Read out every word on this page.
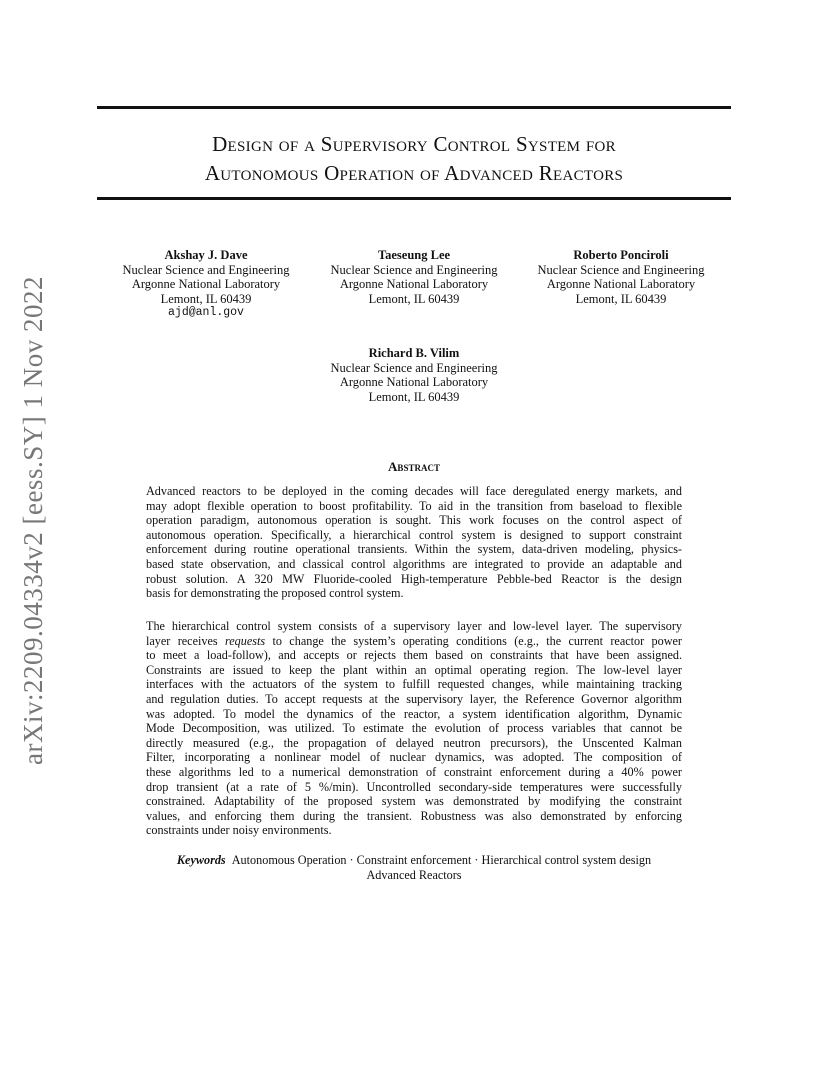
arXiv:2209.04334v2 [eess.SY] 1 Nov 2022
Design of a Supervisory Control System for
Autonomous Operation of Advanced Reactors
Akshay J. Dave
Nuclear Science and Engineering
Argonne National Laboratory
Lemont, IL 60439
ajd@anl.gov
Taeseung Lee
Nuclear Science and Engineering
Argonne National Laboratory
Lemont, IL 60439
Roberto Ponciroli
Nuclear Science and Engineering
Argonne National Laboratory
Lemont, IL 60439
Richard B. Vilim
Nuclear Science and Engineering
Argonne National Laboratory
Lemont, IL 60439
Abstract
Advanced reactors to be deployed in the coming decades will face deregulated energy markets, and
may adopt flexible operation to boost profitability. To aid in the transition from baseload to flexible
operation paradigm, autonomous operation is sought. This work focuses on the control aspect of
autonomous operation. Specifically, a hierarchical control system is designed to support constraint
enforcement during routine operational transients. Within the system, data-driven modeling, physics-
based state observation, and classical control algorithms are integrated to provide an adaptable and
robust solution. A 320 MW Fluoride-cooled High-temperature Pebble-bed Reactor is the design
basis for demonstrating the proposed control system.
The hierarchical control system consists of a supervisory layer and low-level layer. The supervisory
layer receives requests to change the system’s operating conditions (e.g., the current reactor power
to meet a load-follow), and accepts or rejects them based on constraints that have been assigned.
Constraints are issued to keep the plant within an optimal operating region. The low-level layer
interfaces with the actuators of the system to fulfill requested changes, while maintaining tracking
and regulation duties. To accept requests at the supervisory layer, the Reference Governor algorithm
was adopted. To model the dynamics of the reactor, a system identification algorithm, Dynamic
Mode Decomposition, was utilized. To estimate the evolution of process variables that cannot be
directly measured (e.g., the propagation of delayed neutron precursors), the Unscented Kalman
Filter, incorporating a nonlinear model of nuclear dynamics, was adopted. The composition of
these algorithms led to a numerical demonstration of constraint enforcement during a 40% power
drop transient (at a rate of 5 %/min). Uncontrolled secondary-side temperatures were successfully
constrained. Adaptability of the proposed system was demonstrated by modifying the constraint
values, and enforcing them during the transient. Robustness was also demonstrated by enforcing
constraints under noisy environments.
Keywords Autonomous Operation · Constraint enforcement · Hierarchical control system design
Advanced Reactors
